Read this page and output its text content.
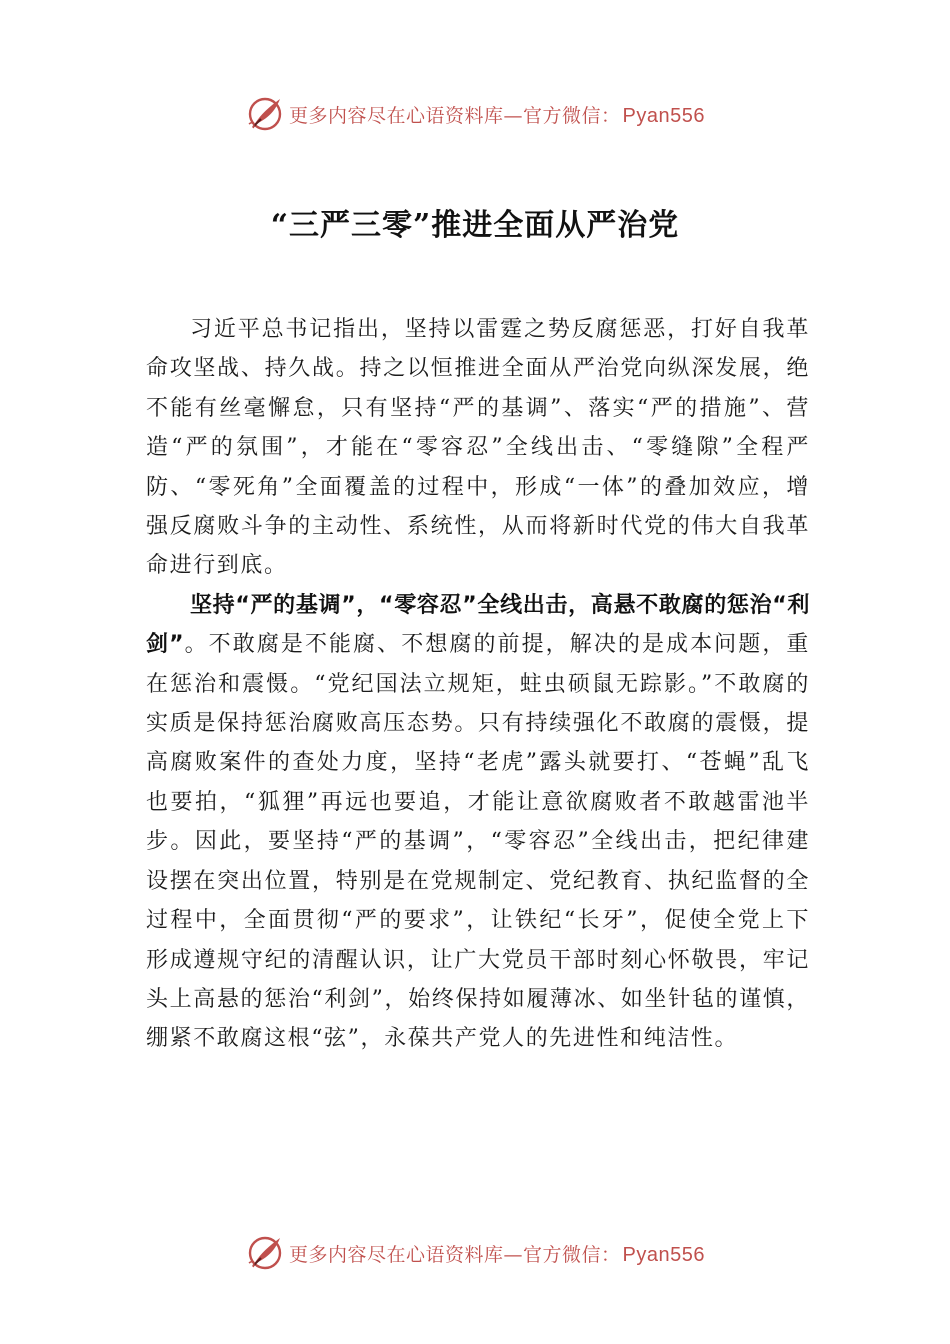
更多内容尽在心语资料库—官方微信： Pyan556
“三严三零”推进全面从严治党

习近平总书记指出，坚持以雷霆之势反腐惩恶，打好自我革命攻坚战、持久战。持之以恒推进全面从严治党向纵深发展，绝不能有丝毫懈怠，只有坚持“严的基调”、落实“严的措施”、营造“严的氛围”，才能在“零容忍”全线出击、“零缝隙”全程严防、“零死角”全面覆盖的过程中，形成“一体”的叠加效应，增强反腐败斗争的主动性、系统性，从而将新时代党的伟大自我革命进行到底。

坚持“严的基调”，“零容忍”全线出击，高悬不敢腐的惩治“利剑”。不敢腐是不能腐、不想腐的前提，解决的是成本问题，重在惩治和震慑。“党纪国法立规矩，蛀虫硕鼠无踪影。”不敢腐的实质是保持惩治腐败高压态势。只有持续强化不敢腐的震慑，提高腐败案件的查处力度，坚持“老虎”露头就要打、“苍蝇”乱飞也要拍，“狐狸”再远也要追，才能让意欲腐败者不敢越雷池半步。因此，要坚持“严的基调”，“零容忍”全线出击，把纪律建设摆在突出位置，特别是在党规制定、党纪教育、执纪监督的全过程中，全面贯彻“严的要求”，让铁纪“长牙”，促使全党上下形成遵规守纪的清醒认识，让广大党员干部时刻心怀敬畏，牢记头上高悬的惩治“利剑”，始终保持如履薄冰、如坐针毡的谨慎，绷紧不敢腐这根“弦”，永葆共产党人的先进性和纯洁性。

更多内容尽在心语资料库—官方微信： Pyan556
